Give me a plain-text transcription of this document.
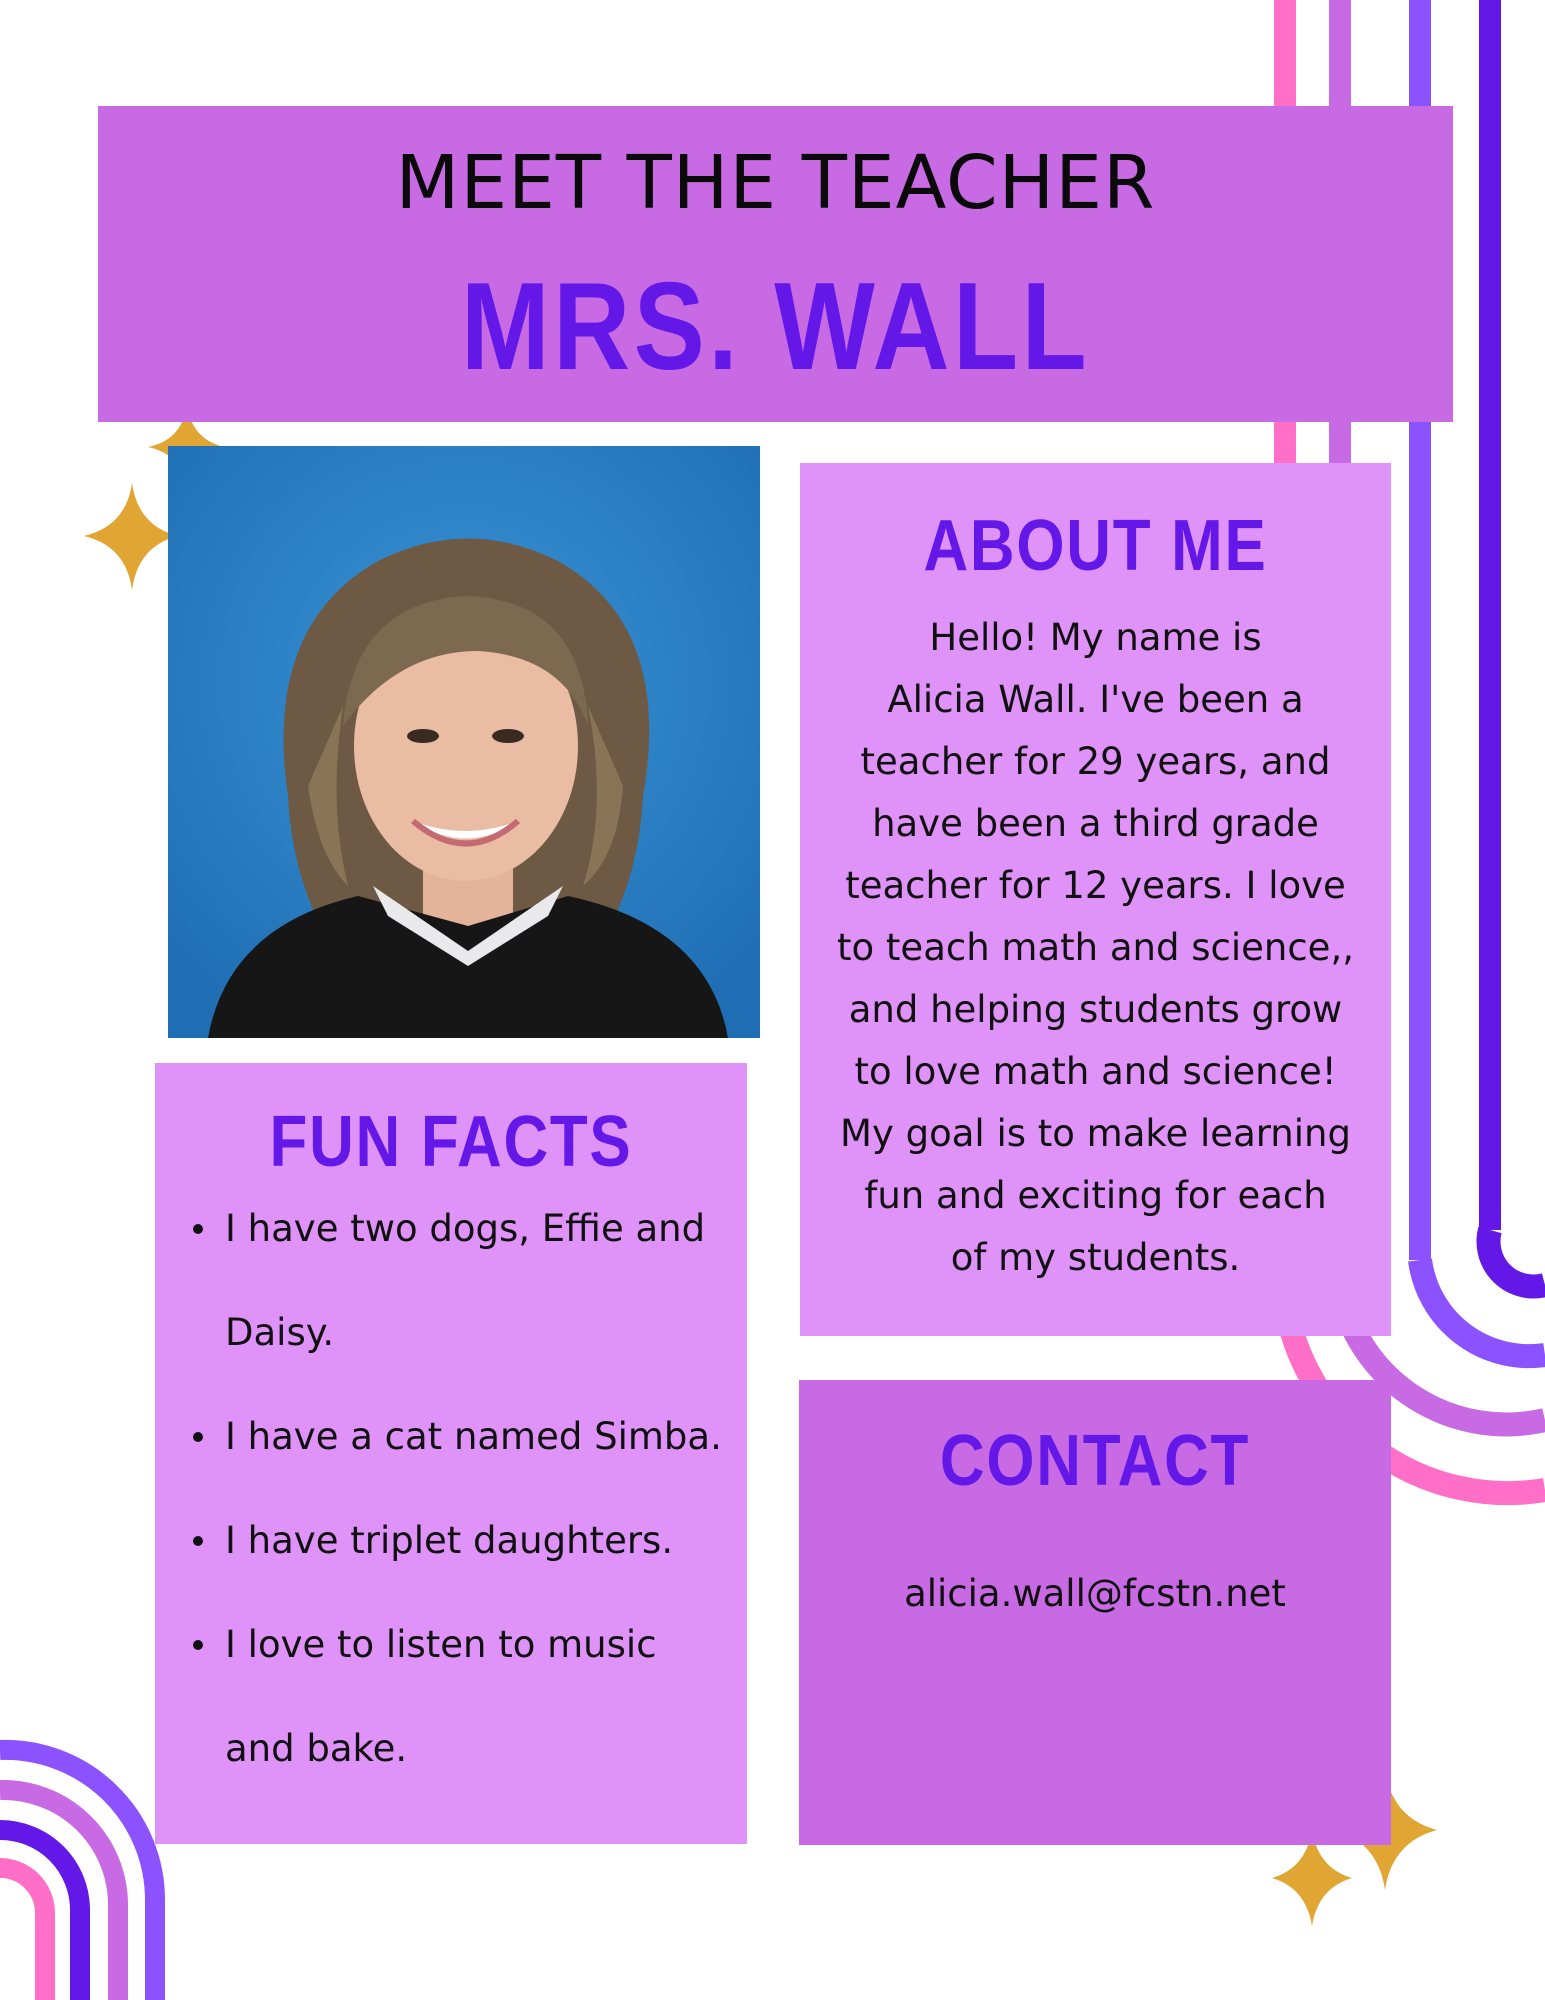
MEET THE TEACHER
MRS. WALL
ABOUT ME
Hello! My name is
Alicia Wall. I've been a
teacher for 29 years, and
have been a third grade
teacher for 12 years. I love
to teach math and science,,
and helping students grow
to love math and science!
My goal is to make learning
fun and exciting for each
of my students.
FUN FACTS
I have two dogs, Effie and
Daisy.
I have a cat named Simba.
I have triplet daughters.
I love to listen to music
and bake.
CONTACT
alicia.wall@fcstn.net
